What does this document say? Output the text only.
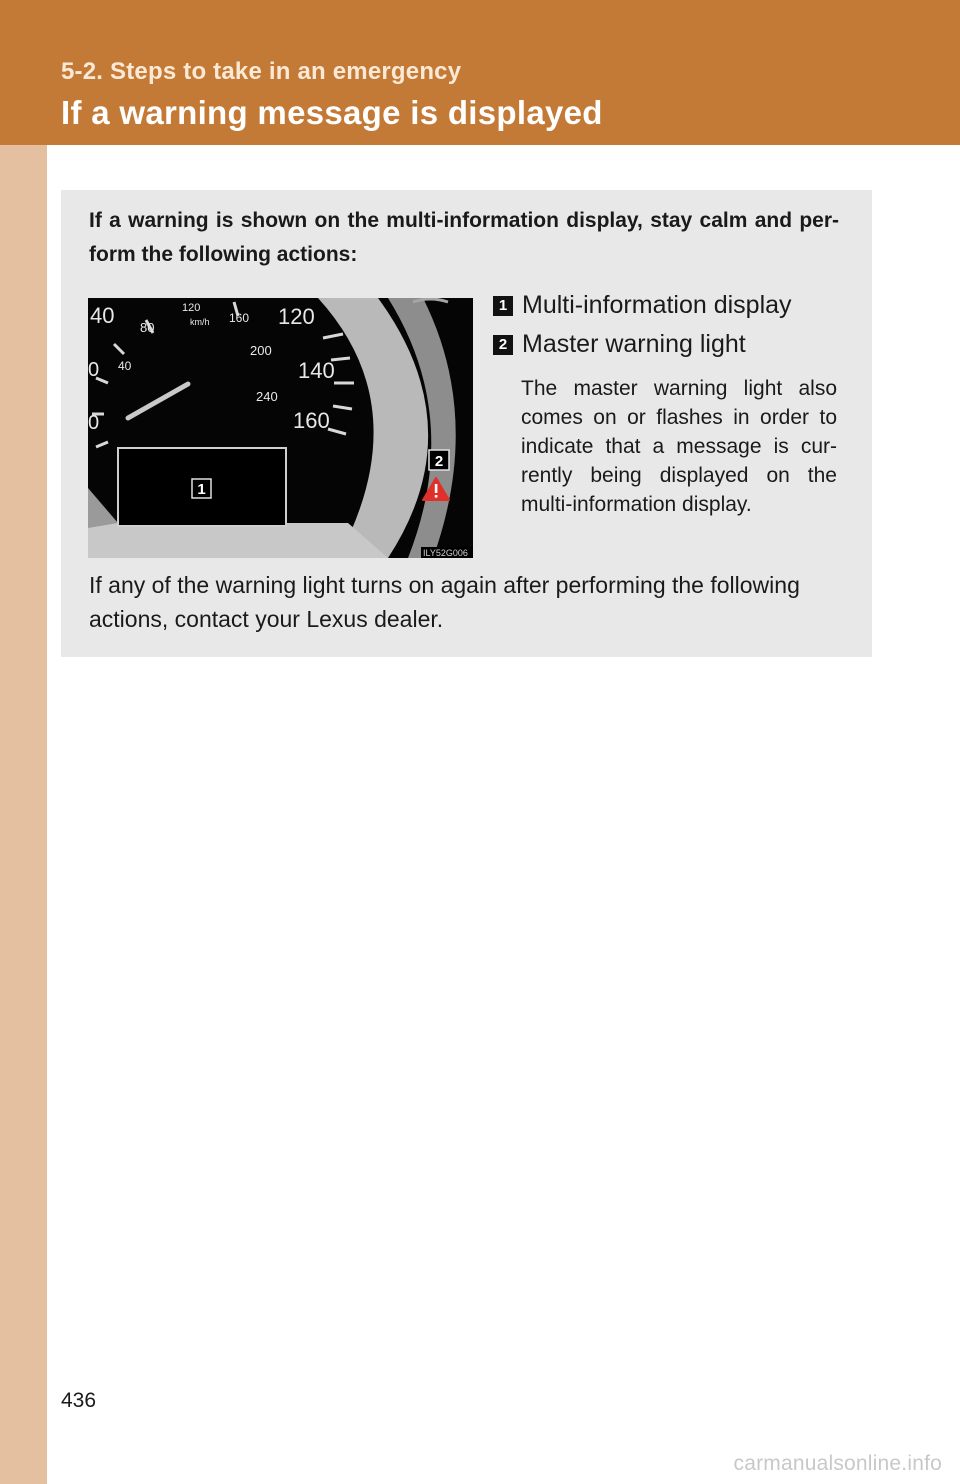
5-2. Steps to take in an emergency
If a warning message is displayed
If a warning is shown on the multi-information display, stay calm and per-form the following actions:
40 80
120
km/h 160 120
200
140
240
160
40
0
0
1
2
ILY52G006
1 Multi-information display
2 Master warning light
The master warning light also comes on or flashes in order to indicate that a message is cur-rently being displayed on the multi-information display.
If any of the warning light turns on again after performing the following actions, contact your Lexus dealer.
436
carmanualsonline.info
